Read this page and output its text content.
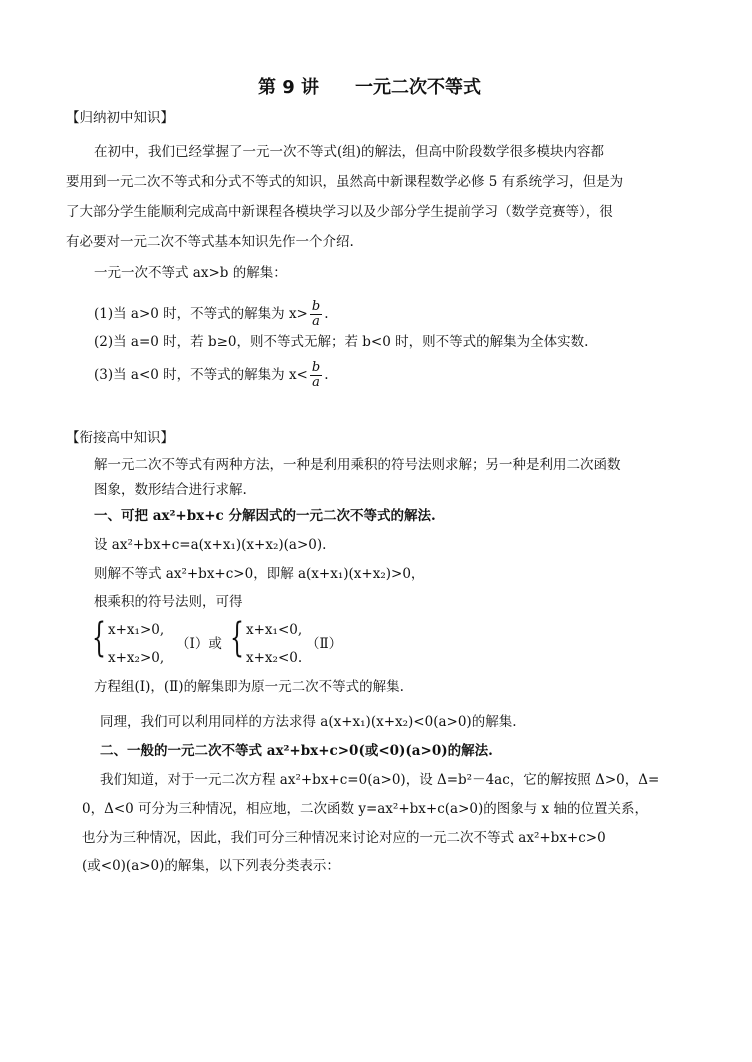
第 9 讲　　一元二次不等式
【归纳初中知识】
在初中，我们已经掌握了一元一次不等式(组)的解法，但高中阶段数学很多模块内容都
要用到一元二次不等式和分式不等式的知识，虽然高中新课程数学必修 5 有系统学习，但是为
了大部分学生能顺利完成高中新课程各模块学习以及少部分学生提前学习（数学竞赛等），很
有必要对一元二次不等式基本知识先作一个介绍.
一元一次不等式 ax>b 的解集：
(1)当 a>0 时，不等式的解集为 $x> \frac{b}{a}$ .
(2)当 a=0 时，若 b≥0，则不等式无解；若 b<0 时，则不等式的解集为全体实数.
(3)当 a<0 时，不等式的解集为 $x< \frac{b}{a}$ .
【衔接高中知识】
解一元二次不等式有两种方法，一种是利用乘积的符号法则求解；另一种是利用二次函数
图象，数形结合进行求解.
一、可把 ax²+bx+c 分解因式的一元二次不等式的解法.
设 ax²+bx+c=a(x+x₁)(x+x₂)(a>0).
则解不等式 ax²+bx+c>0，即解 a(x+x₁)(x+x₂)>0，
根乘积的符号法则，可得
{ x+x₁>0,
x+x₂>0,
（Ⅰ）或 { x+x₁<0,
x+x₂<0.
（Ⅱ）
方程组(Ⅰ)，(Ⅱ)的解集即为原一元二次不等式的解集.
同理，我们可以利用同样的方法求得 a(x+x₁)(x+x₂)<0(a>0)的解集.
二、一般的一元二次不等式 ax²+bx+c>0(或<0)(a>0)的解法.
我们知道，对于一元二次方程 ax²+bx+c=0(a>0)，设 Δ=b²－4ac，它的解按照 Δ>0，Δ=
0，Δ<0 可分为三种情况，相应地，二次函数 y=ax²+bx+c(a>0)的图象与 x 轴的位置关系，
也分为三种情况，因此，我们可分三种情况来讨论对应的一元二次不等式 ax²+bx+c>0
(或<0)(a>0)的解集，以下列表分类表示：
